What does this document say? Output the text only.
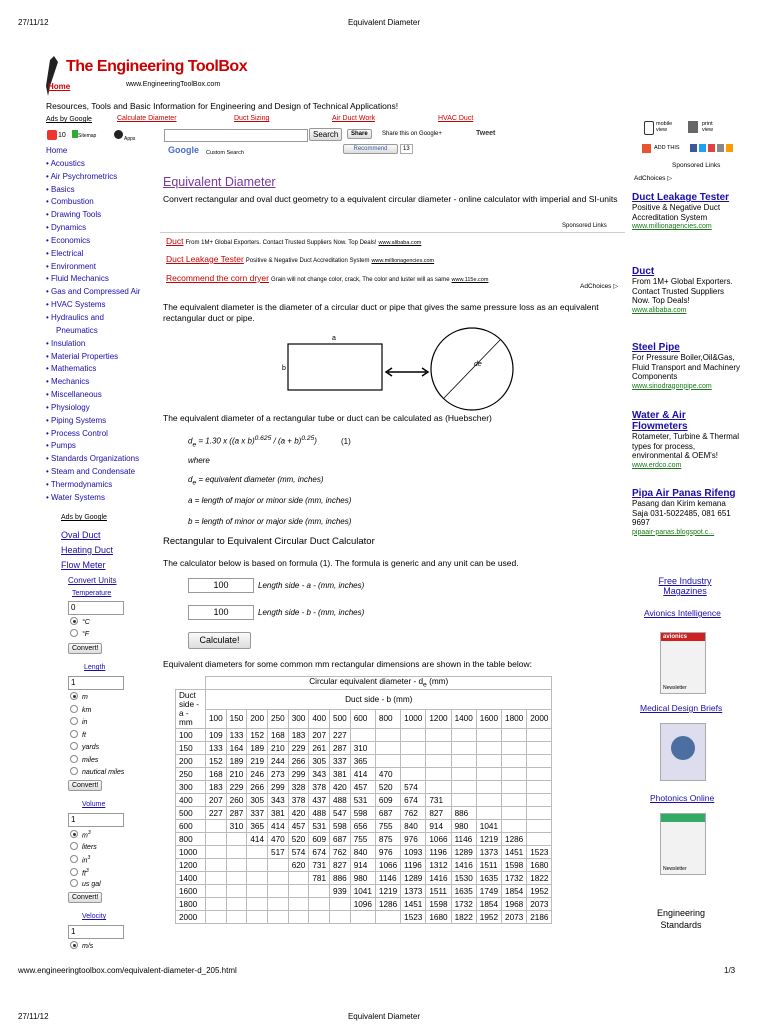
27/11/12	Equivalent Diameter
The Engineering ToolBox
Home	www.EngineeringToolBox.com
Resources, Tools and Basic Information for Engineering and Design of Technical Applications!
Ads by Google	Calculate Diameter	Duct Sizing	Air Duct Work	HVAC Duct
10 Sitemap	Apps	Search	Share	Share this on Google+	Tweet
Google Custom Search
Recommend	13
mobile view
print view
ADD THIS
Home
• Acoustics
• Air Psychrometrics
• Basics
• Combustion
• Drawing Tools
• Dynamics
• Economics
• Electrical
• Environment
• Fluid Mechanics
• Gas and Compressed Air
• HVAC Systems
• Hydraulics and
Pneumatics
• Insulation
• Material Properties
• Mathematics
• Mechanics
• Miscellaneous
• Physiology
• Piping Systems
• Process Control
• Pumps
• Standards Organizations
• Steam and Condensate
• Thermodynamics
• Water Systems
Ads by Google
Oval Duct
Heating Duct
Flow Meter
Convert Units
Temperature
0
°C
°F
Convert!
Length
1
m
km
in
ft
yards
miles
nautical miles
Convert!
Volume
1
$m^3$
liters
$in^3$
$ft^3$
us gal
Convert!
Velocity
1
m/s
Equivalent Diameter
Convert rectangular and oval duct geometry to a equivalent circular diameter - online calculator with imperial and SI-units
Sponsored Links
Duct From 1M+ Global Exporters. Contact Trusted Suppliers Now. Top Deals! www.alibaba.com
Duct Leakage Tester Positive & Negative Duct Accreditation System www.millionagencies.com
Recommend the corn dryer Grain will not change color, crack, The color and luster will as same www.115e.com
AdChoices ▷
The equivalent diameter is the diameter of a circular duct or pipe that gives the same pressure loss as an equivalent rectangular duct or pipe.
a
b
de
The equivalent diameter of a rectangular tube or duct can be calculated as (Huebscher)
$d_e = 1.30$ x ((a x $b)^{0.625} / (a + b)^{0.25}$)	(1)
where
$d_e$ = equivalent diameter (mm, inches)
a = length of major or minor side (mm, inches)
b = length of minor or major side (mm, inches)
Rectangular to Equivalent Circular Duct Calculator
The calculator below is based on formula (1). The formula is generic and any unit can be used.
100	Length side - a - (mm, inches)
100	Length side - b - (mm, inches)
Calculate!
Equivalent diameters for some common mm rectangular dimensions are shown in the table below:
	Circular equivalent diameter - $d_e$ (mm)														
Duct side - a - mm	Duct side - b (mm)														
	100	150	200	250	300	400	500	600	800	1000	1200	1400	1600	1800	2000
100	109	133	152	168	183	207	227								
150	133	164	189	210	229	261	287	310							
200	152	189	219	244	266	305	337	365							
250	168	210	246	273	299	343	381	414	470						
300	183	229	266	299	328	378	420	457	520	574					
400	207	260	305	343	378	437	488	531	609	674	731				
500	227	287	337	381	420	488	547	598	687	762	827	886			
600		310	365	414	457	531	598	656	755	840	914	980	1041		
800			414	470	520	609	687	755	875	976	1066	1146	1219	1286	
1000				517	574	674	762	840	976	1093	1196	1289	1373	1451	1523
1200					620	731	827	914	1066	1196	1312	1416	1511	1598	1680
1400						781	886	980	1146	1289	1416	1530	1635	1732	1822
1600							939	1041	1219	1373	1511	1635	1749	1854	1952
1800								1096	1286	1451	1598	1732	1854	1968	2073
2000										1523	1680	1822	1952	2073	2186
Sponsored Links
AdChoices ▷
Duct Leakage Tester
Positive & Negative Duct Accreditation System
www.millionagencies.com
Duct
From 1M+ Global Exporters. Contact Trusted Suppliers Now. Top Deals!
www.alibaba.com
Steel Pipe
For Pressure Boiler,Oil&Gas, Fluid Transport and Machinery Components
www.sinodragonpipe.com
Water & Air Flowmeters
Rotameter, Turbine & Thermal types for process, environmental & OEM's!
www.erdco.com
Pipa Air Panas Rifeng
Pasang dan Kirim kemana Saja 031-5022485, 081 651 9697
pipaair-panas.blogspot.c...
Free Industry Magazines
Avionics Intelligence
avionics
Newsletter
Medical Design Briefs
Photonics Online
Newsletter
Engineering Standards
www.engineeringtoolbox.com/equivalent-diameter-d_205.html	1/3
27/11/12	Equivalent Diameter
